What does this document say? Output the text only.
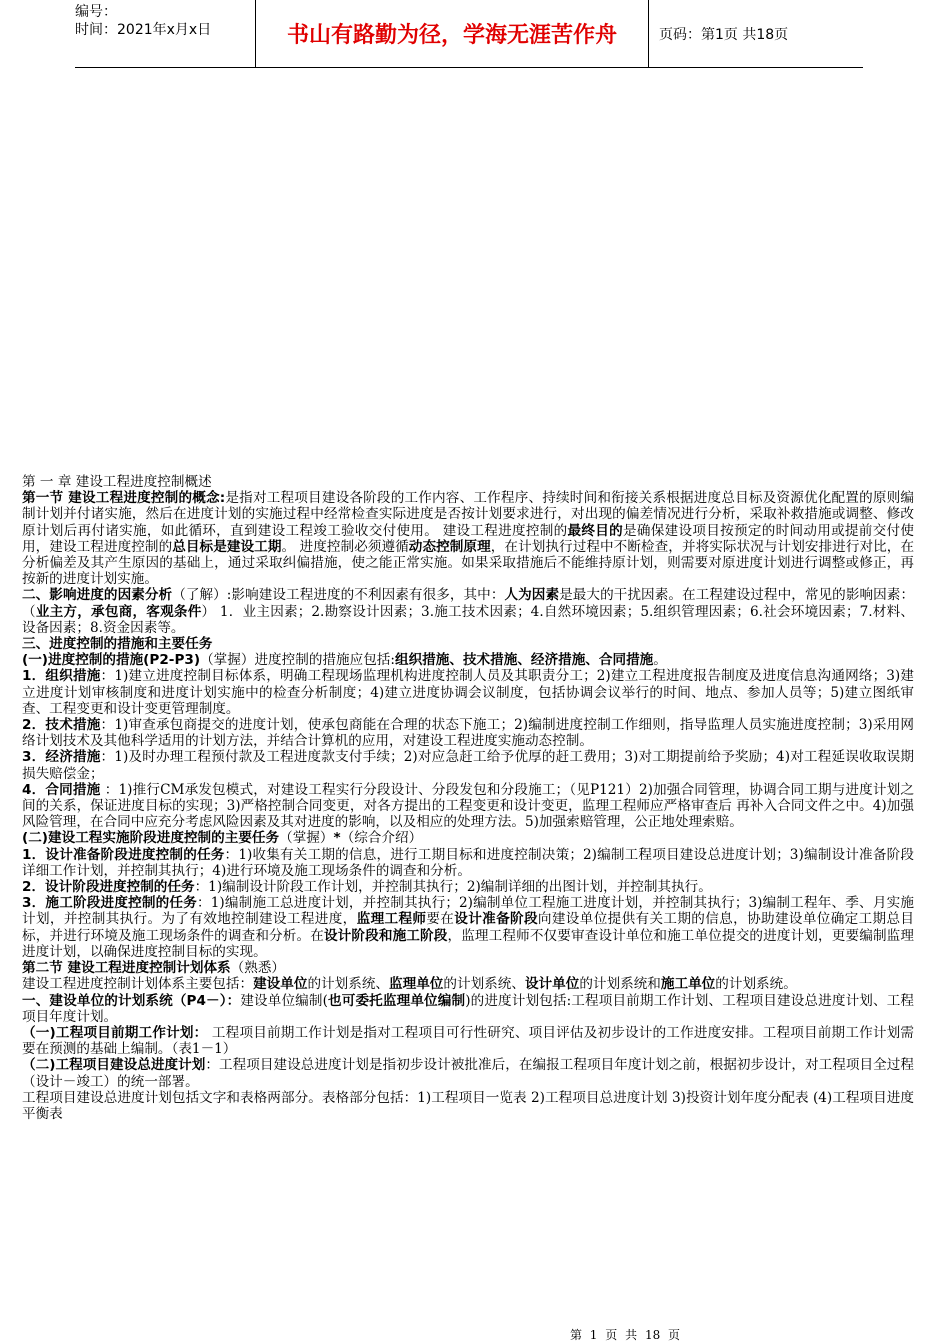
编号：
时间：2021年x月x日	书山有路勤为径，学海无涯苦作舟	页码：第1页 共18页

第 一 章 建设工程进度控制概述

第一节 建设工程进度控制的概念:是指对工程项目建设各阶段的工作内容、工作程序、持续时间和衔接关系根据进度总目标及资源优化配置的原则编制计划并付诸实施，然后在进度计划的实施过程中经常检查实际进度是否按计划要求进行，对出现的偏差情况进行分析，采取补救措施或调整、修改原计划后再付诸实施，如此循环，直到建设工程竣工验收交付使用。 建设工程进度控制的最终目的是确保建设项目按预定的时间动用或提前交付使用，建设工程进度控制的总目标是建设工期。 进度控制必须遵循动态控制原理，在计划执行过程中不断检查，并将实际状况与计划安排进行对比，在分析偏差及其产生原因的基础上，通过采取纠偏措施，使之能正常实施。如果采取措施后不能维持原计划，则需要对原进度计划进行调整或修正，再按新的进度计划实施。

二、影响进度的因素分析（了解）:影响建设工程进度的不利因素有很多，其中：人为因素是最大的干扰因素。在工程建设过程中，常见的影响因素：（业主方，承包商，客观条件） 1．业主因素；2.勘察设计因素；3.施工技术因素；4.自然环境因素；5.组织管理因素；6.社会环境因素；7.材料、设备因素；8.资金因素等。

三、进度控制的措施和主要任务

(一)进度控制的措施(P2-P3)（掌握）进度控制的措施应包括:组织措施、技术措施、经济措施、合同措施。

1．组织措施：1)建立进度控制目标体系，明确工程现场监理机构进度控制人员及其职责分工；2)建立工程进度报告制度及进度信息沟通网络；3)建立进度计划审核制度和进度计划实施中的检查分析制度；4)建立进度协调会议制度，包括协调会议举行的时间、地点、参加人员等；5)建立图纸审查、工程变更和设计变更管理制度。

2．技术措施：1)审查承包商提交的进度计划，使承包商能在合理的状态下施工；2)编制进度控制工作细则，指导监理人员实施进度控制；3)采用网络计划技术及其他科学适用的计划方法，并结合计算机的应用，对建设工程进度实施动态控制。

3．经济措施：1)及时办理工程预付款及工程进度款支付手续；2)对应急赶工给予优厚的赶工费用；3)对工期提前给予奖励；4)对工程延误收取误期损失赔偿金；

4．合同措施 ：1)推行CM承发包模式，对建设工程实行分段设计、分段发包和分段施工；（见P121）2)加强合同管理，协调合同工期与进度计划之间的关系，保证进度目标的实现；3)严格控制合同变更，对各方提出的工程变更和设计变更，监理工程师应严格审查后 再补入合同文件之中。4)加强风险管理，在合同中应充分考虑风险因素及其对进度的影响，以及相应的处理方法。5)加强索赔管理，公正地处理索赔。

(二)建设工程实施阶段进度控制的主要任务（掌握）*（综合介绍）

1．设计准备阶段进度控制的任务：1)收集有关工期的信息，进行工期目标和进度控制决策；2)编制工程项目建设总进度计划；3)编制设计准备阶段详细工作计划，并控制其执行；4)进行环境及施工现场条件的调查和分析。

2．设计阶段进度控制的任务：1)编制设计阶段工作计划，并控制其执行；2)编制详细的出图计划，并控制其执行。

3．施工阶段进度控制的任务：1)编制施工总进度计划，并控制其执行；2)编制单位工程施工进度计划，并控制其执行；3)编制工程年、季、月实施计划，并控制其执行。为了有效地控制建设工程进度，监理工程师要在设计准备阶段向建设单位提供有关工期的信息，协助建设单位确定工期总目标，并进行环境及施工现场条件的调查和分析。在设计阶段和施工阶段，监理工程师不仅要审查设计单位和施工单位提交的进度计划，更要编制监理进度计划，以确保进度控制目标的实现。

第二节 建设工程进度控制计划体系（熟悉）

建设工程进度控制计划体系主要包括：建设单位的计划系统、监理单位的计划系统、设计单位的计划系统和施工单位的计划系统。

一、建设单位的计划系统（P4－）：建设单位编制(也可委托监理单位编制)的进度计划包括:工程项目前期工作计划、工程项目建设总进度计划、工程项目年度计划。

（一)工程项目前期工作计划： 工程项目前期工作计划是指对工程项目可行性研究、项目评估及初步设计的工作进度安排。工程项目前期工作计划需要在预测的基础上编制。（表1－1）

（二)工程项目建设总进度计划：工程项目建设总进度计划是指初步设计被批准后，在编报工程项目年度计划之前，根据初步设计，对工程项目全过程（设计－竣工）的统一部署。

工程项目建设总进度计划包括文字和表格两部分。表格部分包括：1)工程项目一览表 2)工程项目总进度计划 3)投资计划年度分配表 (4)工程项目进度平衡表

第 1 页 共 18 页
